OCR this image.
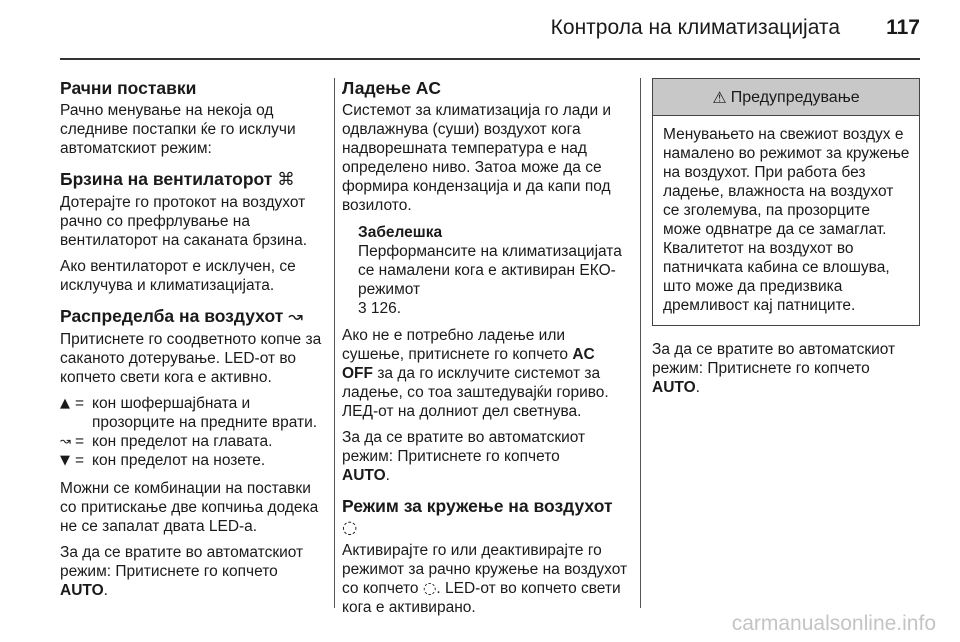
Контрола на климатизацијата 117
Рачни поставки

Рачно менување на некоја од следниве постапки ќе го исклучи автоматскиот режим:

Брзина на вентилаторот ⌘

Дотерајте го протокот на воздухот рачно со префрлување на вентилаторот на саканата брзина.

Ако вентилаторот е исклучен, се исклучува и климатизацијата.

Распределба на воздухот ↝

Притиснете го соодветното копче за саканото дотерување. LED-от во копчето свети кога е активно.

▲ = кон шофершајбната и прозорците на предните врати.
↝ = кон пределот на главата.
▼ = кон пределот на нозете.

Можни се комбинации на поставки со притискање две копчиња додека не се запалат двата LED-а.

За да се вратите во автоматскиот режим: Притиснете го копчето
AUTO.

Ладење AC

Системот за климатизација го лади и одвлажнува (суши) воздухот кога надворешната температура е над определено ниво. Затоа може да се формира кондензација и да капи под возилото.

Забелешка
Перформансите на климатизацијата се намалени кога е активиран ЕКО-режимот
3 126.

Ако не е потребно ладење или сушење, притиснете го копчето AC OFF за да го исклучите системот за ладење, со тоа заштедувајќи гориво. ЛЕД-от на долниот дел светнува.

За да се вратите во автоматскиот режим: Притиснете го копчето
AUTO.

Режим за кружење на воздухот ◌

Активирајте го или деактивирајте го режимот за рачно кружење на воздухот со копчето ◌. LED-от во копчето свети кога е активирано.

⚠ Предупредување
Менувањето на свежиот воздух е намалено во режимот за кружење на воздухот. При работа без ладење, влажноста на воздухот се зголемува, па прозорците може одвнатре да се замаглат. Квалитетот на воздухот во патничката кабина се влошува, што може да предизвика дремливост кај патниците.

За да се вратите во автоматскиот режим: Притиснете го копчето
AUTO.

carmanualsonline.info
